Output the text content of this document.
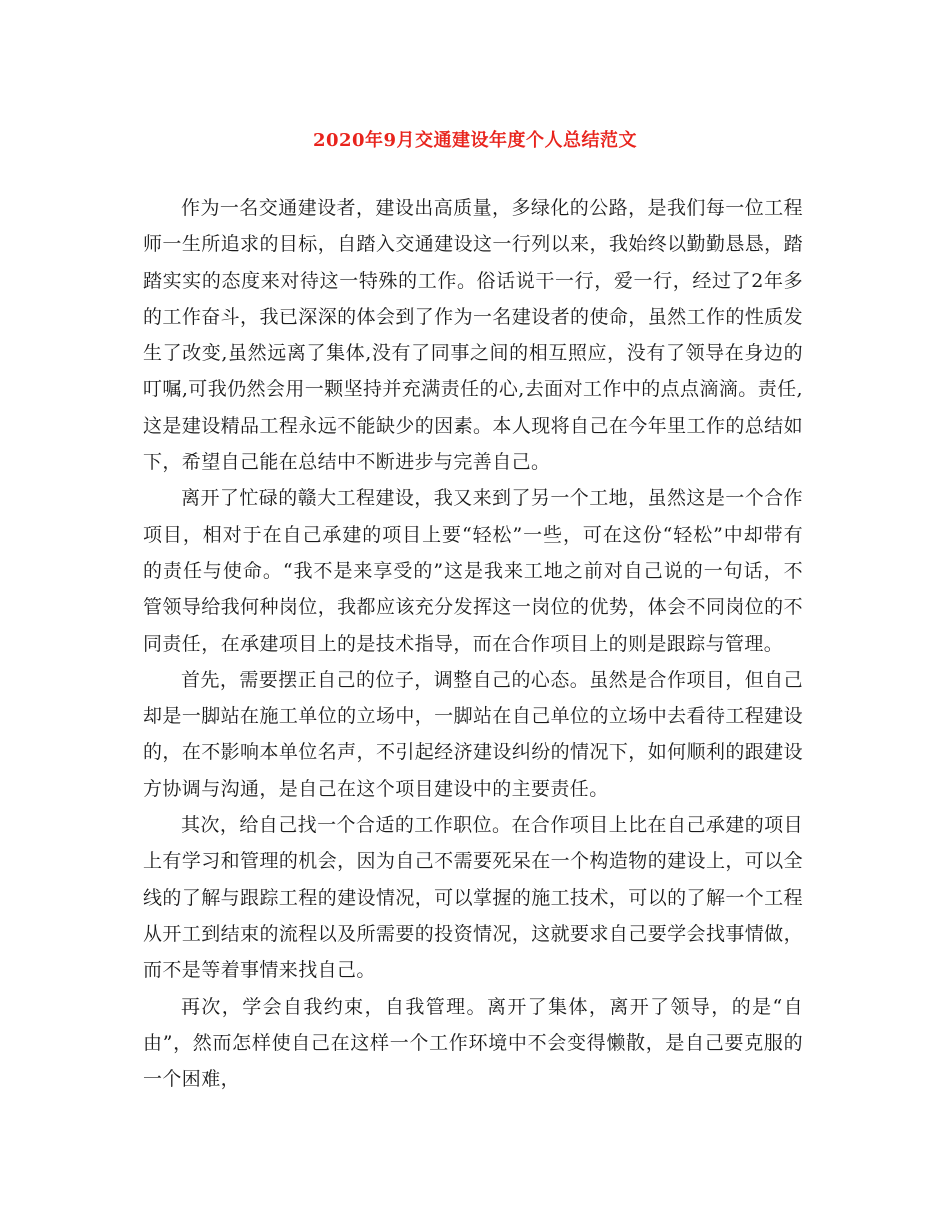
2020年9月交通建设年度个人总结范文

作为一名交通建设者，建设出高质量，多绿化的公路，是我们每一位工程师一生所追求的目标，自踏入交通建设这一行列以来，我始终以勤勤恳恳，踏踏实实的态度来对待这一特殊的工作。俗话说干一行，爱一行，经过了2年多的工作奋斗，我已深深的体会到了作为一名建设者的使命，虽然工作的性质发生了改变,虽然远离了集体,没有了同事之间的相互照应，没有了领导在身边的叮嘱,可我仍然会用一颗坚持并充满责任的心,去面对工作中的点点滴滴。责任,这是建设精品工程永远不能缺少的因素。本人现将自己在今年里工作的总结如下，希望自己能在总结中不断进步与完善自己。

离开了忙碌的赣大工程建设，我又来到了另一个工地，虽然这是一个合作项目，相对于在自己承建的项目上要“轻松”一些，可在这份“轻松”中却带有的责任与使命。“我不是来享受的”这是我来工地之前对自己说的一句话，不管领导给我何种岗位，我都应该充分发挥这一岗位的优势，体会不同岗位的不同责任，在承建项目上的是技术指导，而在合作项目上的则是跟踪与管理。

首先，需要摆正自己的位子，调整自己的心态。虽然是合作项目，但自己却是一脚站在施工单位的立场中，一脚站在自己单位的立场中去看待工程建设的，在不影响本单位名声，不引起经济建设纠纷的情况下，如何顺利的跟建设方协调与沟通，是自己在这个项目建设中的主要责任。

其次，给自己找一个合适的工作职位。在合作项目上比在自己承建的项目上有学习和管理的机会，因为自己不需要死呆在一个构造物的建设上，可以全线的了解与跟踪工程的建设情况，可以掌握的施工技术，可以的了解一个工程从开工到结束的流程以及所需要的投资情况，这就要求自己要学会找事情做，而不是等着事情来找自己。

再次，学会自我约束，自我管理。离开了集体，离开了领导，的是“自由”，然而怎样使自己在这样一个工作环境中不会变得懒散，是自己要克服的一个困难，
